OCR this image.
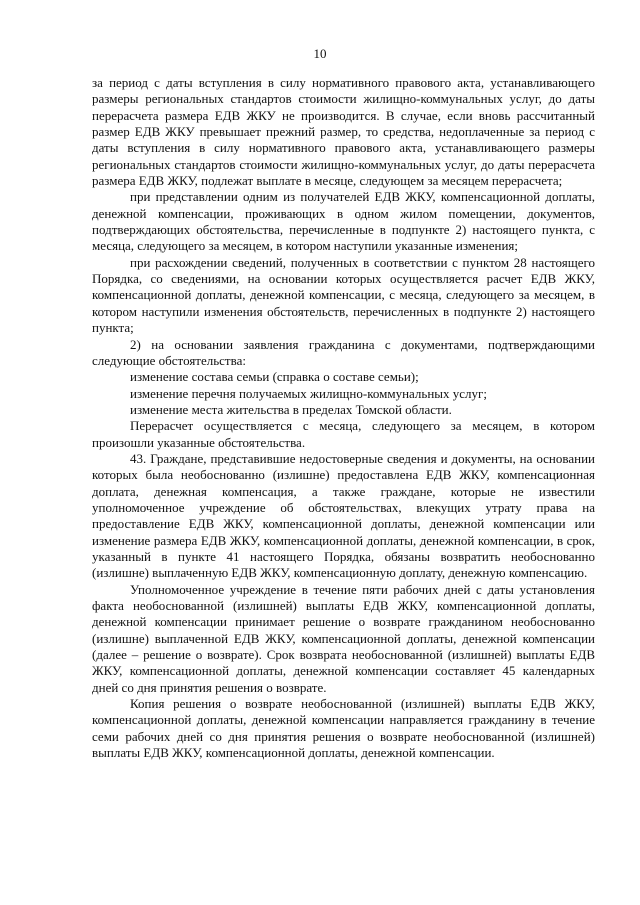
10

за период с даты вступления в силу нормативного правового акта, устанавливающего размеры региональных стандартов стоимости жилищно-коммунальных услуг, до даты перерасчета размера ЕДВ ЖКУ не производится. В случае, если вновь рассчитанный размер ЕДВ ЖКУ превышает прежний размер, то средства, недоплаченные за период с даты вступления в силу нормативного правового акта, устанавливающего размеры региональных стандартов стоимости жилищно-коммунальных услуг, до даты перерасчета размера ЕДВ ЖКУ, подлежат выплате в месяце, следующем за месяцем перерасчета;

при представлении одним из получателей ЕДВ ЖКУ, компенсационной доплаты, денежной компенсации, проживающих в одном жилом помещении, документов, подтверждающих обстоятельства, перечисленные в подпункте 2) настоящего пункта, с месяца, следующего за месяцем, в котором наступили указанные изменения;

при расхождении сведений, полученных в соответствии с пунктом 28 настоящего Порядка, со сведениями, на основании которых осуществляется расчет ЕДВ ЖКУ, компенсационной доплаты, денежной компенсации, с месяца, следующего за месяцем, в котором наступили изменения обстоятельств, перечисленных в подпункте 2) настоящего пункта;

2) на основании заявления гражданина с документами, подтверждающими следующие обстоятельства:

изменение состава семьи (справка о составе семьи);

изменение перечня получаемых жилищно-коммунальных услуг;

изменение места жительства в пределах Томской области.

Перерасчет осуществляется с месяца, следующего за месяцем, в котором произошли указанные обстоятельства.

43. Граждане, представившие недостоверные сведения и документы, на основании которых была необоснованно (излишне) предоставлена ЕДВ ЖКУ, компенсационная доплата, денежная компенсация, а также граждане, которые не известили уполномоченное учреждение об обстоятельствах, влекущих утрату права на предоставление ЕДВ ЖКУ, компенсационной доплаты, денежной компенсации или изменение размера ЕДВ ЖКУ, компенсационной доплаты, денежной компенсации, в срок, указанный в пункте 41 настоящего Порядка, обязаны возвратить необоснованно (излишне) выплаченную ЕДВ ЖКУ, компенсационную доплату, денежную компенсацию.

Уполномоченное учреждение в течение пяти рабочих дней с даты установления факта необоснованной (излишней) выплаты ЕДВ ЖКУ, компенсационной доплаты, денежной компенсации принимает решение о возврате гражданином необоснованно (излишне) выплаченной ЕДВ ЖКУ, компенсационной доплаты, денежной компенсации (далее – решение о возврате). Срок возврата необоснованной (излишней) выплаты ЕДВ ЖКУ, компенсационной доплаты, денежной компенсации составляет 45 календарных дней со дня принятия решения о возврате.

Копия решения о возврате необоснованной (излишней) выплаты ЕДВ ЖКУ, компенсационной доплаты, денежной компенсации направляется гражданину в течение семи рабочих дней со дня принятия решения о возврате необоснованной (излишней) выплаты ЕДВ ЖКУ, компенсационной доплаты, денежной компенсации.
